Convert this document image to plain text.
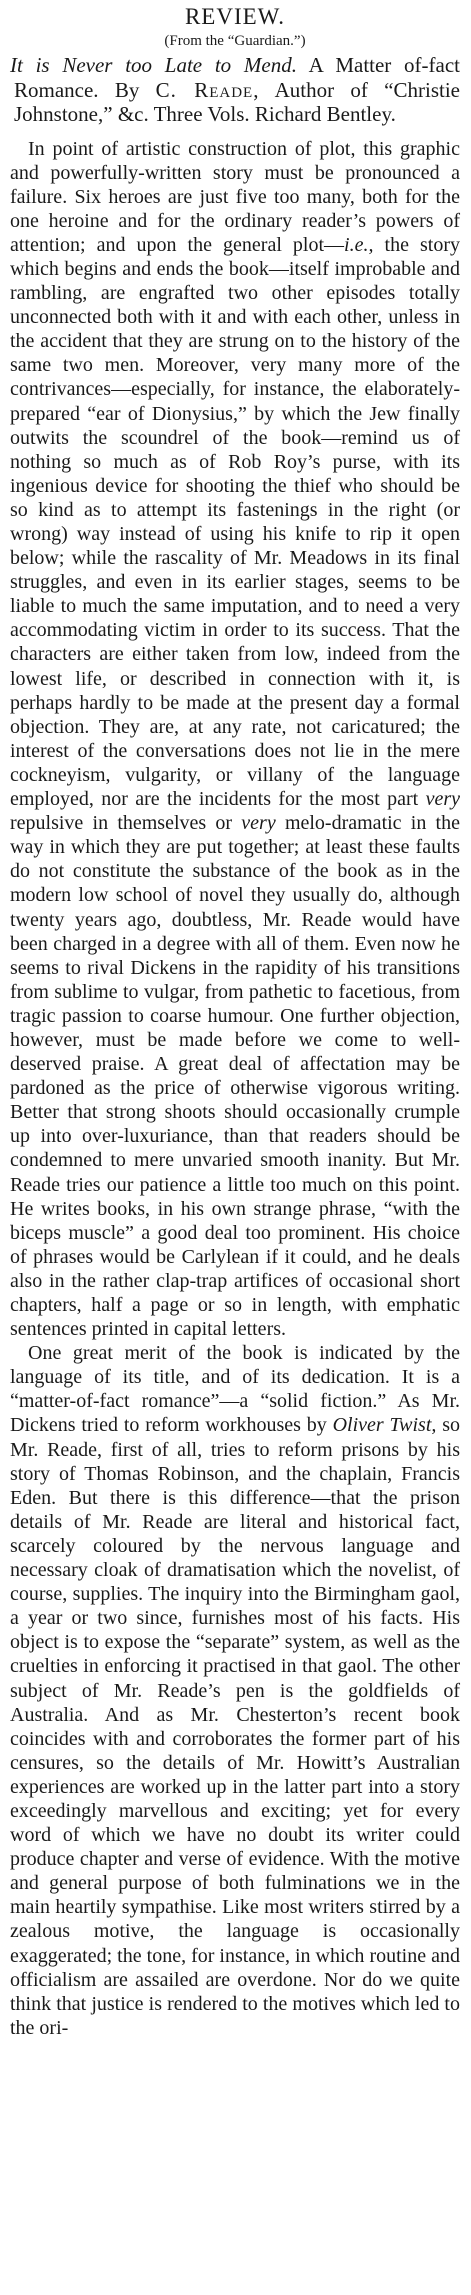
REVIEW.
(From the “Guardian.”)

It is Never too Late to Mend. A Matter of-fact Romance. By C. Reade, Author of “Christie Johnstone,” &c. Three Vols. Richard Bentley.

In point of artistic construction of plot, this graphic and powerfully-written story must be pronounced a failure. Six heroes are just five too many, both for the one heroine and for the ordinary reader’s powers of attention; and upon the general plot—i.e., the story which begins and ends the book—itself improbable and rambling, are engrafted two other episodes totally unconnected both with it and with each other, unless in the accident that they are strung on to the history of the same two men. Moreover, very many more of the contrivances—especially, for instance, the elaborately-prepared “ear of Dionysius,” by which the Jew finally outwits the scoundrel of the book—remind us of nothing so much as of Rob Roy’s purse, with its ingenious device for shooting the thief who should be so kind as to attempt its fastenings in the right (or wrong) way instead of using his knife to rip it open below; while the rascality of Mr. Meadows in its final struggles, and even in its earlier stages, seems to be liable to much the same imputation, and to need a very accommodating victim in order to its success. That the characters are either taken from low, indeed from the lowest life, or described in connection with it, is perhaps hardly to be made at the present day a formal objection. They are, at any rate, not caricatured; the interest of the conversations does not lie in the mere cockneyism, vulgarity, or villany of the language employed, nor are the incidents for the most part very repulsive in themselves or very melo-dramatic in the way in which they are put together; at least these faults do not constitute the substance of the book as in the modern low school of novel they usually do, although twenty years ago, doubtless, Mr. Reade would have been charged in a degree with all of them. Even now he seems to rival Dickens in the rapidity of his transitions from sublime to vulgar, from pathetic to facetious, from tragic passion to coarse humour. One further objection, however, must be made before we come to well-deserved praise. A great deal of affectation may be pardoned as the price of otherwise vigorous writing. Better that strong shoots should occasionally crumple up into over-luxuriance, than that readers should be condemned to mere unvaried smooth inanity. But Mr. Reade tries our patience a little too much on this point. He writes books, in his own strange phrase, “with the biceps muscle” a good deal too prominent. His choice of phrases would be Carlylean if it could, and he deals also in the rather clap-trap artifices of occasional short chapters, half a page or so in length, with emphatic sentences printed in capital letters.

One great merit of the book is indicated by the language of its title, and of its dedication. It is a “matter-of-fact romance”—a “solid fiction.” As Mr. Dickens tried to reform workhouses by Oliver Twist, so Mr. Reade, first of all, tries to reform prisons by his story of Thomas Robinson, and the chaplain, Francis Eden. But there is this difference—that the prison details of Mr. Reade are literal and historical fact, scarcely coloured by the nervous language and necessary cloak of dramatisation which the novelist, of course, supplies. The inquiry into the Birmingham gaol, a year or two since, furnishes most of his facts. His object is to expose the “separate” system, as well as the cruelties in enforcing it practised in that gaol. The other subject of Mr. Reade’s pen is the goldfields of Australia. And as Mr. Chesterton’s recent book coincides with and corroborates the former part of his censures, so the details of Mr. Howitt’s Australian experiences are worked up in the latter part into a story exceedingly marvellous and exciting; yet for every word of which we have no doubt its writer could produce chapter and verse of evidence. With the motive and general purpose of both fulminations we in the main heartily sympathise. Like most writers stirred by a zealous motive, the language is occasionally exaggerated; the tone, for instance, in which routine and officialism are assailed are overdone. Nor do we quite think that justice is rendered to the motives which led to the ori-
